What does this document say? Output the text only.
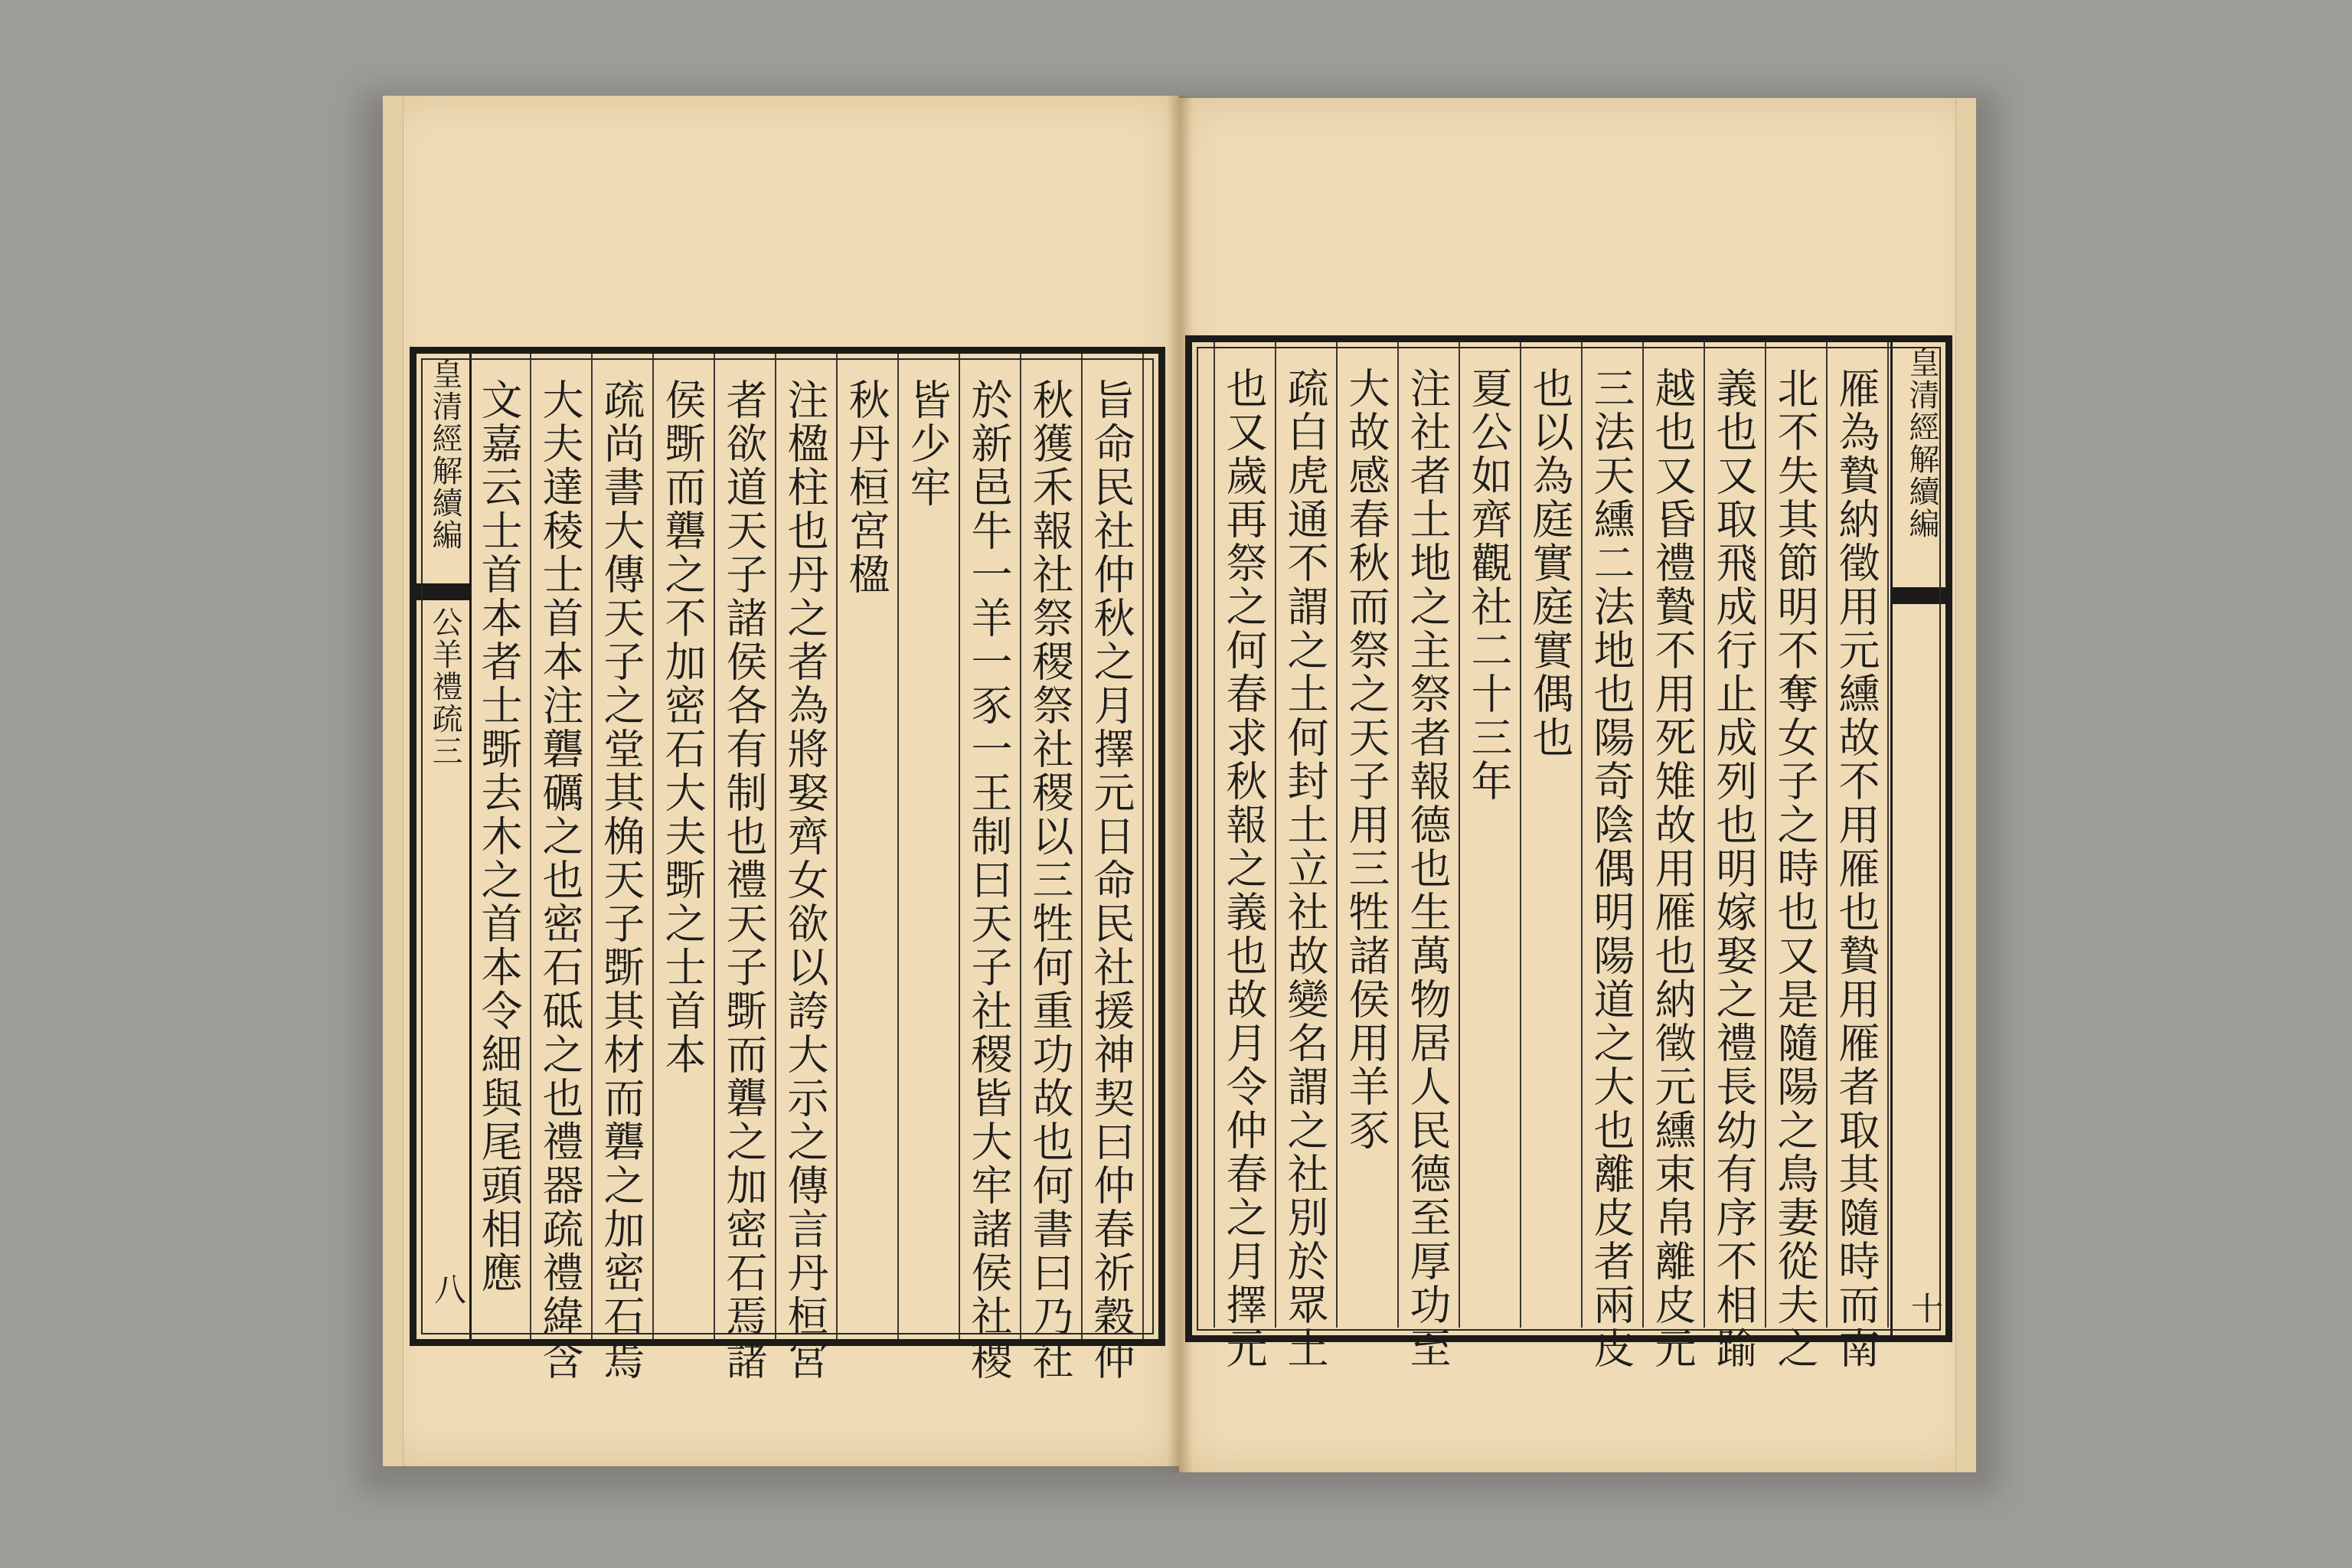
皇清經解續編
公羊禮疏三
八	旨命民社仲秋之月擇元日命民社援神契曰仲春祈穀仲
秋獲禾報社祭稷祭社稷以三牲何重功故也何書曰乃社
於新邑牛一羊一豕一王制曰天子社稷皆大牢諸侯社稷
皆少牢
秋丹桓宮楹
注楹柱也丹之者為將娶齊女欲以誇大示之傳言丹桓宮
者欲道天子諸侯各有制也禮天子斲而礱之加密石焉諸
侯斲而礱之不加密石大夫斲之士首本
疏尚書大傳天子之堂其桷天子斲其材而礱之加密石焉
大夫達稜士首本注礱礪之也密石砥之也禮器疏禮緯含
文嘉云士首本者士斲去木之首本令細與尾頭相應	雁為贄納徵用元纁故不用雁也贄用雁者取其隨時而南
北不失其節明不奪女子之時也又是隨陽之鳥妻從夫之
義也又取飛成行止成列也明嫁娶之禮長幼有序不相踰
越也又昏禮贄不用死雉故用雁也納徵元纁束帛離皮元
三法天纁二法地也陽奇陰偶明陽道之大也離皮者兩皮
也以為庭實庭實偶也
夏公如齊觀社二十三年
注社者土地之主祭者報德也生萬物居人民德至厚功至
大故感春秋而祭之天子用三牲諸侯用羊豕
疏白虎通不謂之土何封土立社故變名謂之社別於眾土
也又歲再祭之何春求秋報之義也故月令仲春之月擇元	皇清經解續編
十
